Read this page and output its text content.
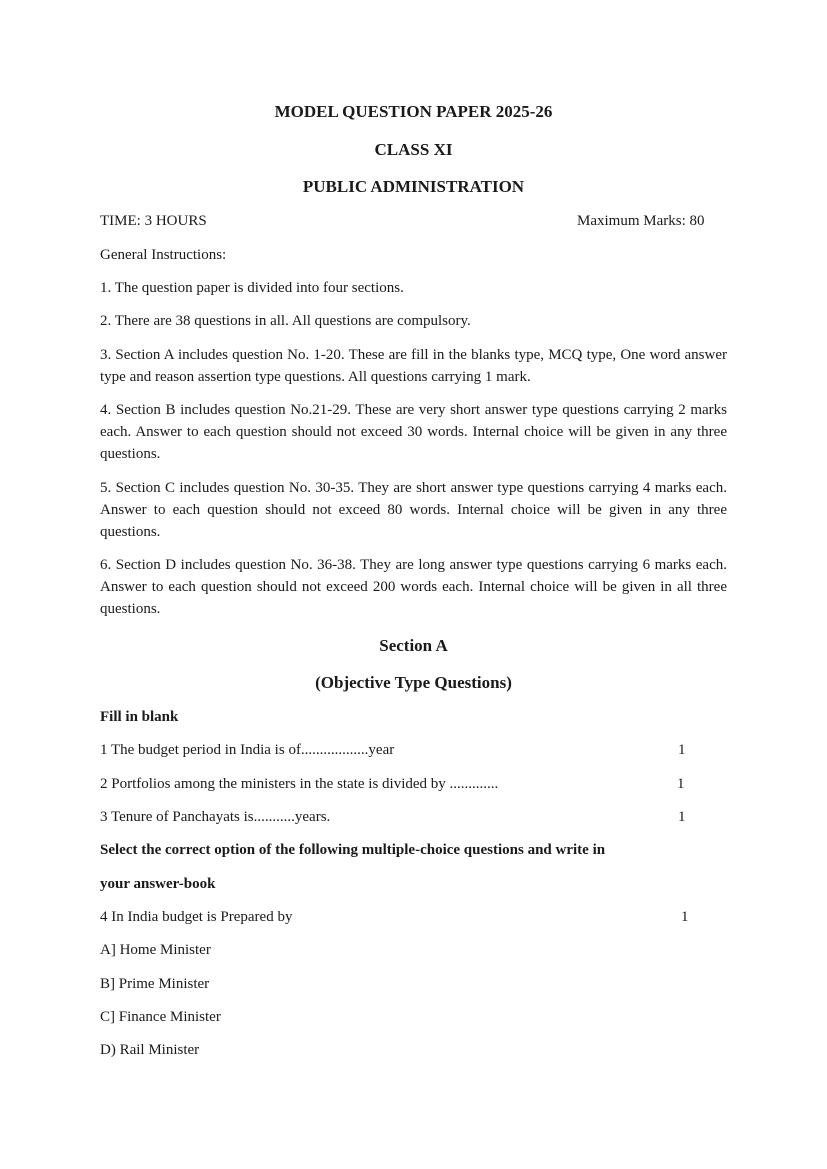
MODEL QUESTION PAPER 2025-26
CLASS XI
PUBLIC ADMINISTRATION
TIME: 3 HOURS	Maximum Marks: 80
General Instructions:
1. The question paper is divided into four sections.
2. There are 38 questions in all. All questions are compulsory.
3. Section A includes question No. 1-20. These are fill in the blanks type, MCQ type, One word answer type and reason assertion type questions. All questions carrying 1 mark.
4. Section B includes question No.21-29. These are very short answer type questions carrying 2 marks each. Answer to each question should not exceed 30 words. Internal choice will be given in any three questions.
5. Section C includes question No. 30-35. They are short answer type questions carrying 4 marks each. Answer to each question should not exceed 80 words. Internal choice will be given in any three questions.
6. Section D includes question No. 36-38. They are long answer type questions carrying 6 marks each. Answer to each question should not exceed 200 words each. Internal choice will be given in all three questions.
Section A
(Objective Type Questions)
Fill in blank
1 The budget period in India is of..................year	1
2 Portfolios among the ministers in the state is divided by .............	1
3 Tenure of Panchayats is...........years.	1
Select the correct option of the following multiple-choice questions and write in
your answer-book
4 In India budget is Prepared by	1
A] Home Minister
B] Prime Minister
C] Finance Minister
D) Rail Minister
